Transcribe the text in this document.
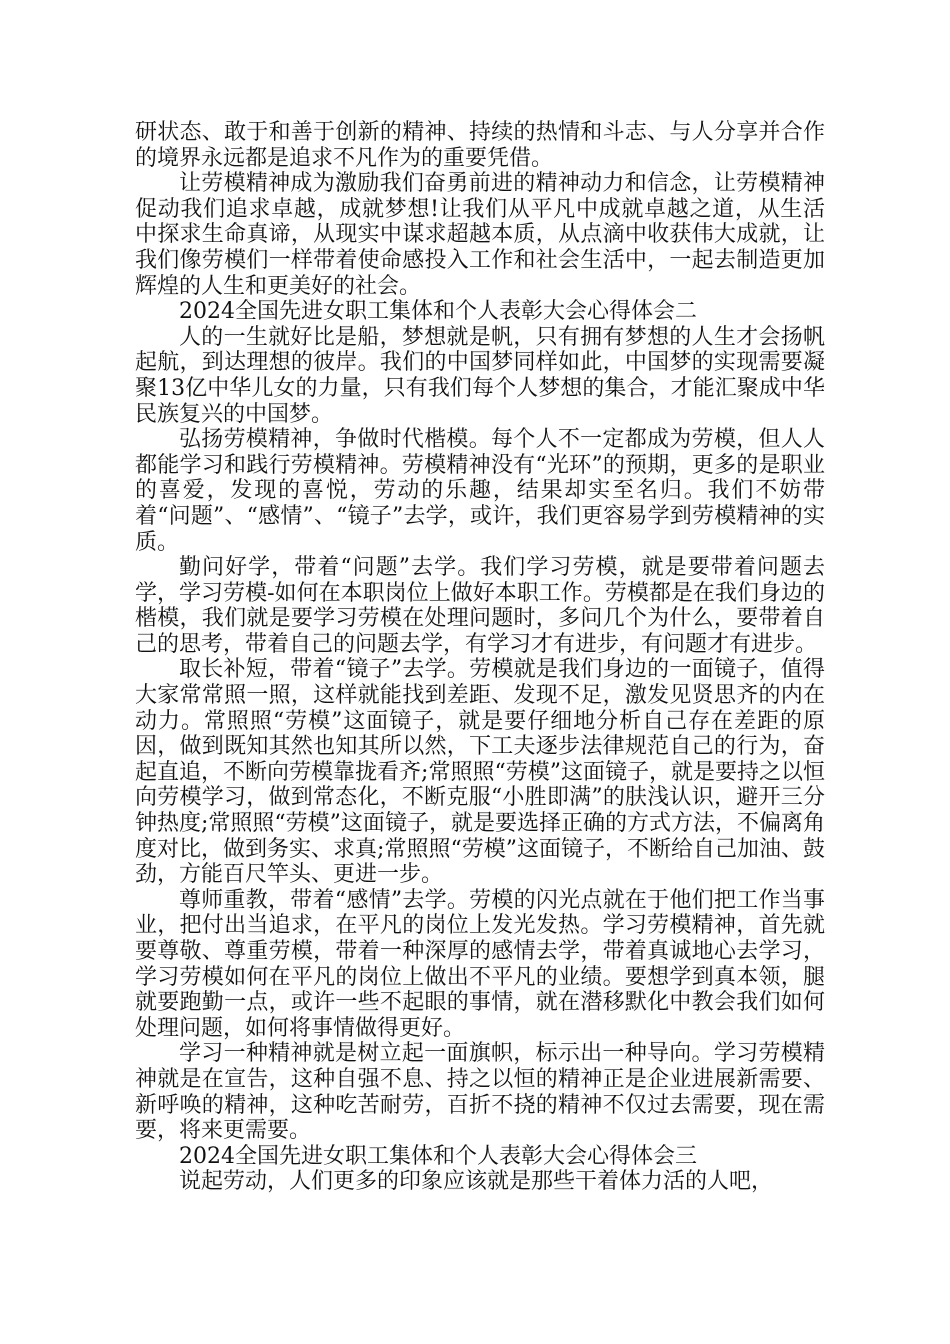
研状态、敢于和善于创新的精神、持续的热情和斗志、与人分享并合作的境界永远都是追求不凡作为的重要凭借。

让劳模精神成为激励我们奋勇前进的精神动力和信念，让劳模精神促动我们追求卓越，成就梦想!让我们从平凡中成就卓越之道，从生活中探求生命真谛，从现实中谋求超越本质，从点滴中收获伟大成就，让我们像劳模们一样带着使命感投入工作和社会生活中，一起去制造更加辉煌的人生和更美好的社会。

2024全国先进女职工集体和个人表彰大会心得体会二

人的一生就好比是船，梦想就是帆，只有拥有梦想的人生才会扬帆起航，到达理想的彼岸。我们的中国梦同样如此，中国梦的实现需要凝聚13亿中华儿女的力量，只有我们每个人梦想的集合，才能汇聚成中华民族复兴的中国梦。

弘扬劳模精神，争做时代楷模。每个人不一定都成为劳模，但人人都能学习和践行劳模精神。劳模精神没有“光环”的预期，更多的是职业的喜爱，发现的喜悦，劳动的乐趣，结果却实至名归。我们不妨带着“问题”、“感情”、“镜子”去学，或许，我们更容易学到劳模精神的实质。

勤问好学，带着“问题”去学。我们学习劳模，就是要带着问题去学，学习劳模-如何在本职岗位上做好本职工作。劳模都是在我们身边的楷模，我们就是要学习劳模在处理问题时，多问几个为什么，要带着自己的思考，带着自己的问题去学，有学习才有进步，有问题才有进步。

取长补短，带着“镜子”去学。劳模就是我们身边的一面镜子，值得大家常常照一照，这样就能找到差距、发现不足，激发见贤思齐的内在动力。常照照“劳模”这面镜子，就是要仔细地分析自己存在差距的原因，做到既知其然也知其所以然，下工夫逐步法律规范自己的行为，奋起直追，不断向劳模靠拢看齐;常照照“劳模”这面镜子，就是要持之以恒向劳模学习，做到常态化，不断克服“小胜即满”的肤浅认识，避开三分钟热度;常照照“劳模”这面镜子，就是要选择正确的方式方法，不偏离角度对比，做到务实、求真;常照照“劳模”这面镜子，不断给自己加油、鼓劲，方能百尺竿头、更进一步。

尊师重教，带着“感情”去学。劳模的闪光点就在于他们把工作当事业，把付出当追求，在平凡的岗位上发光发热。学习劳模精神，首先就要尊敬、尊重劳模，带着一种深厚的感情去学，带着真诚地心去学习，学习劳模如何在平凡的岗位上做出不平凡的业绩。要想学到真本领，腿就要跑勤一点，或许一些不起眼的事情，就在潜移默化中教会我们如何处理问题，如何将事情做得更好。

学习一种精神就是树立起一面旗帜，标示出一种导向。学习劳模精神就是在宣告，这种自强不息、持之以恒的精神正是企业进展新需要、新呼唤的精神，这种吃苦耐劳，百折不挠的精神不仅过去需要，现在需要，将来更需要。

2024全国先进女职工集体和个人表彰大会心得体会三

说起劳动，人们更多的印象应该就是那些干着体力活的人吧，
